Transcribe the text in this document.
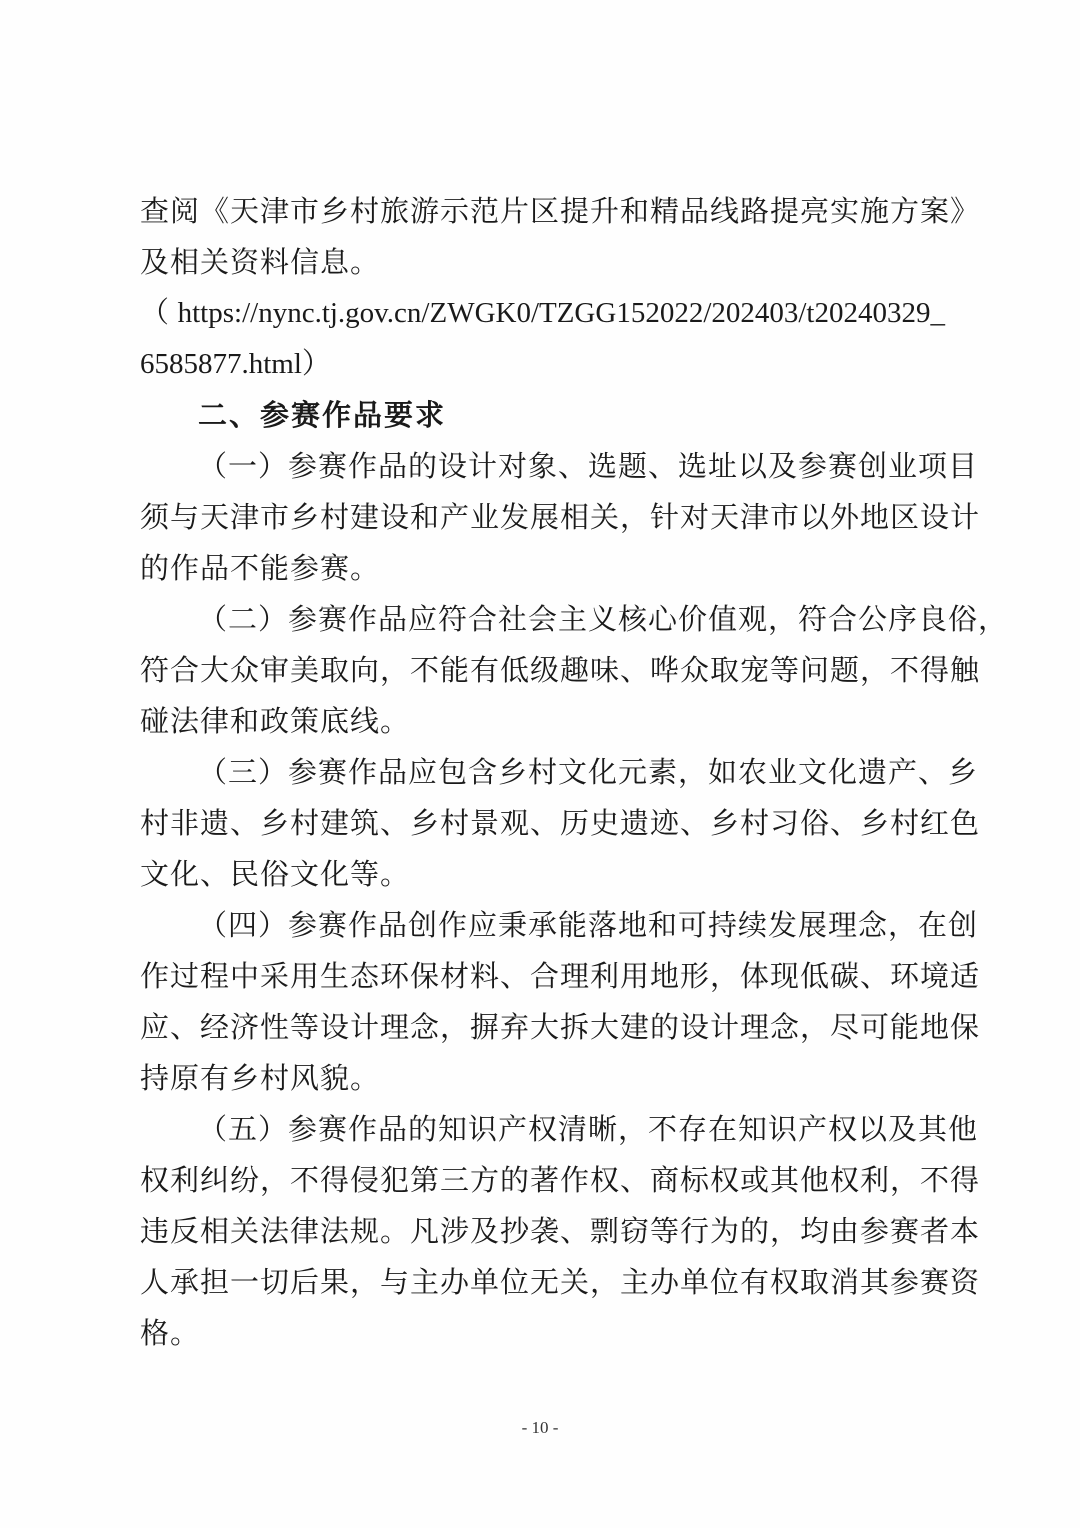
查阅《天津市乡村旅游示范片区提升和精品线路提亮实施方案》
及相关资料信息。
（https://nync.tj.gov.cn/ZWGK0/TZGG152022/202403/t20240329_
6585877.html）
二、参赛作品要求
（一）参赛作品的设计对象、选题、选址以及参赛创业项目
须与天津市乡村建设和产业发展相关，针对天津市以外地区设计
的作品不能参赛。
（二）参赛作品应符合社会主义核心价值观，符合公序良俗，
符合大众审美取向，不能有低级趣味、哗众取宠等问题，不得触
碰法律和政策底线。
（三）参赛作品应包含乡村文化元素，如农业文化遗产、乡
村非遗、乡村建筑、乡村景观、历史遗迹、乡村习俗、乡村红色
文化、民俗文化等。
（四）参赛作品创作应秉承能落地和可持续发展理念，在创
作过程中采用生态环保材料、合理利用地形，体现低碳、环境适
应、经济性等设计理念，摒弃大拆大建的设计理念，尽可能地保
持原有乡村风貌。
（五）参赛作品的知识产权清晰，不存在知识产权以及其他
权利纠纷，不得侵犯第三方的著作权、商标权或其他权利，不得
违反相关法律法规。凡涉及抄袭、剽窃等行为的，均由参赛者本
人承担一切后果，与主办单位无关，主办单位有权取消其参赛资
格。
- 10 -
